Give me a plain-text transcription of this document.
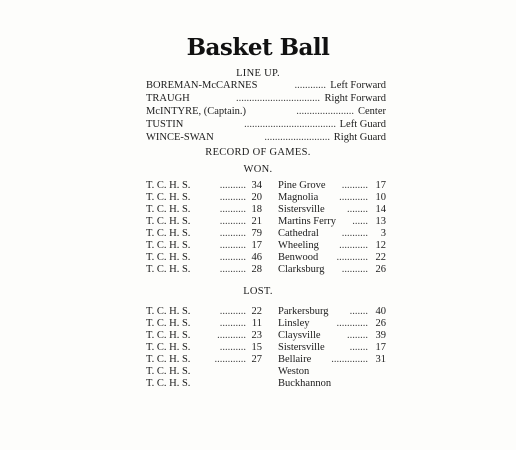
Basket Ball
LINE UP.
BOREMAN-McCARNES	Left Forward
............
TRAUGH	Right Forward
................................
McINTYRE, (Captain.)	Center
......................
TUSTIN	Left Guard
...................................
WINCE-SWAN	Right Guard
.........................
RECORD OF GAMES.
WON.
T. C. H. S.	.......... 34 Pine Grove	.......... 17
T. C. H. S.	.......... 20 Magnolia	........... 10
T. C. H. S.	.......... 18 Sistersville	........ 14
T. C. H. S.	.......... 21 Martins Ferry	...... 13
T. C. H. S.	.......... 79 Cathedral	..........	3
T. C. H. S.	.......... 17 Wheeling	........... 12
T. C. H. S.	.......... 46 Benwood	............ 22
T. C. H. S.	.......... 28 Clarksburg	.......... 26
LOST.
T. C. H. S.	.......... 22 Parkersburg	....... 40
T. C. H. S.	.......... 11 Linsley	............ 26
T. C. H. S.	........... 23 Claysville	........ 39
T. C. H. S.	.......... 15 Sistersville	....... 17
T. C. H. S.	............ 27 Bellaire	.............. 31
T. C. H. S.	Weston
T. C. H. S.	Buckhannon
